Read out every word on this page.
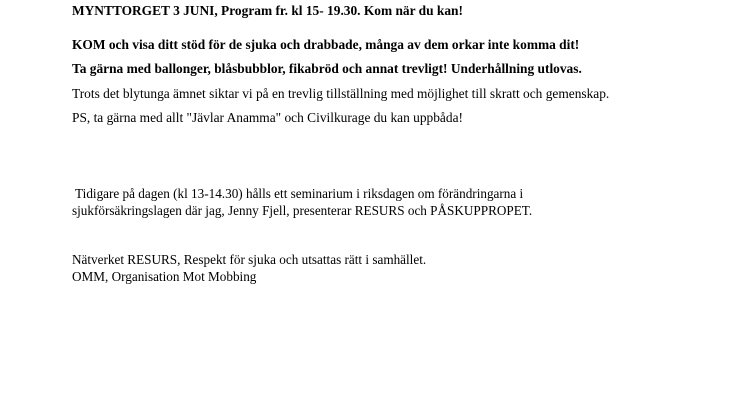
MYNTTORGET 3 JUNI, Program fr. kl 15- 19.30. Kom när du kan!
KOM och visa ditt stöd för de sjuka och drabbade, många av dem orkar inte komma dit!
Ta gärna med ballonger, blåsbubblor, fikabröd och annat trevligt! Underhållning utlovas.
Trots det blytunga ämnet siktar vi på en trevlig tillställning med möjlighet till skratt och gemenskap.
PS, ta gärna med allt "Jävlar Anamma" och Civilkurage du kan uppbåda!
Tidigare på dagen (kl 13-14.30) hålls ett seminarium i riksdagen om förändringarna i
sjukförsäkringslagen där jag, Jenny Fjell, presenterar RESURS och PÅSKUPPROPET.
Nätverket RESURS, Respekt för sjuka och utsattas rätt i samhället.
OMM, Organisation Mot Mobbing
